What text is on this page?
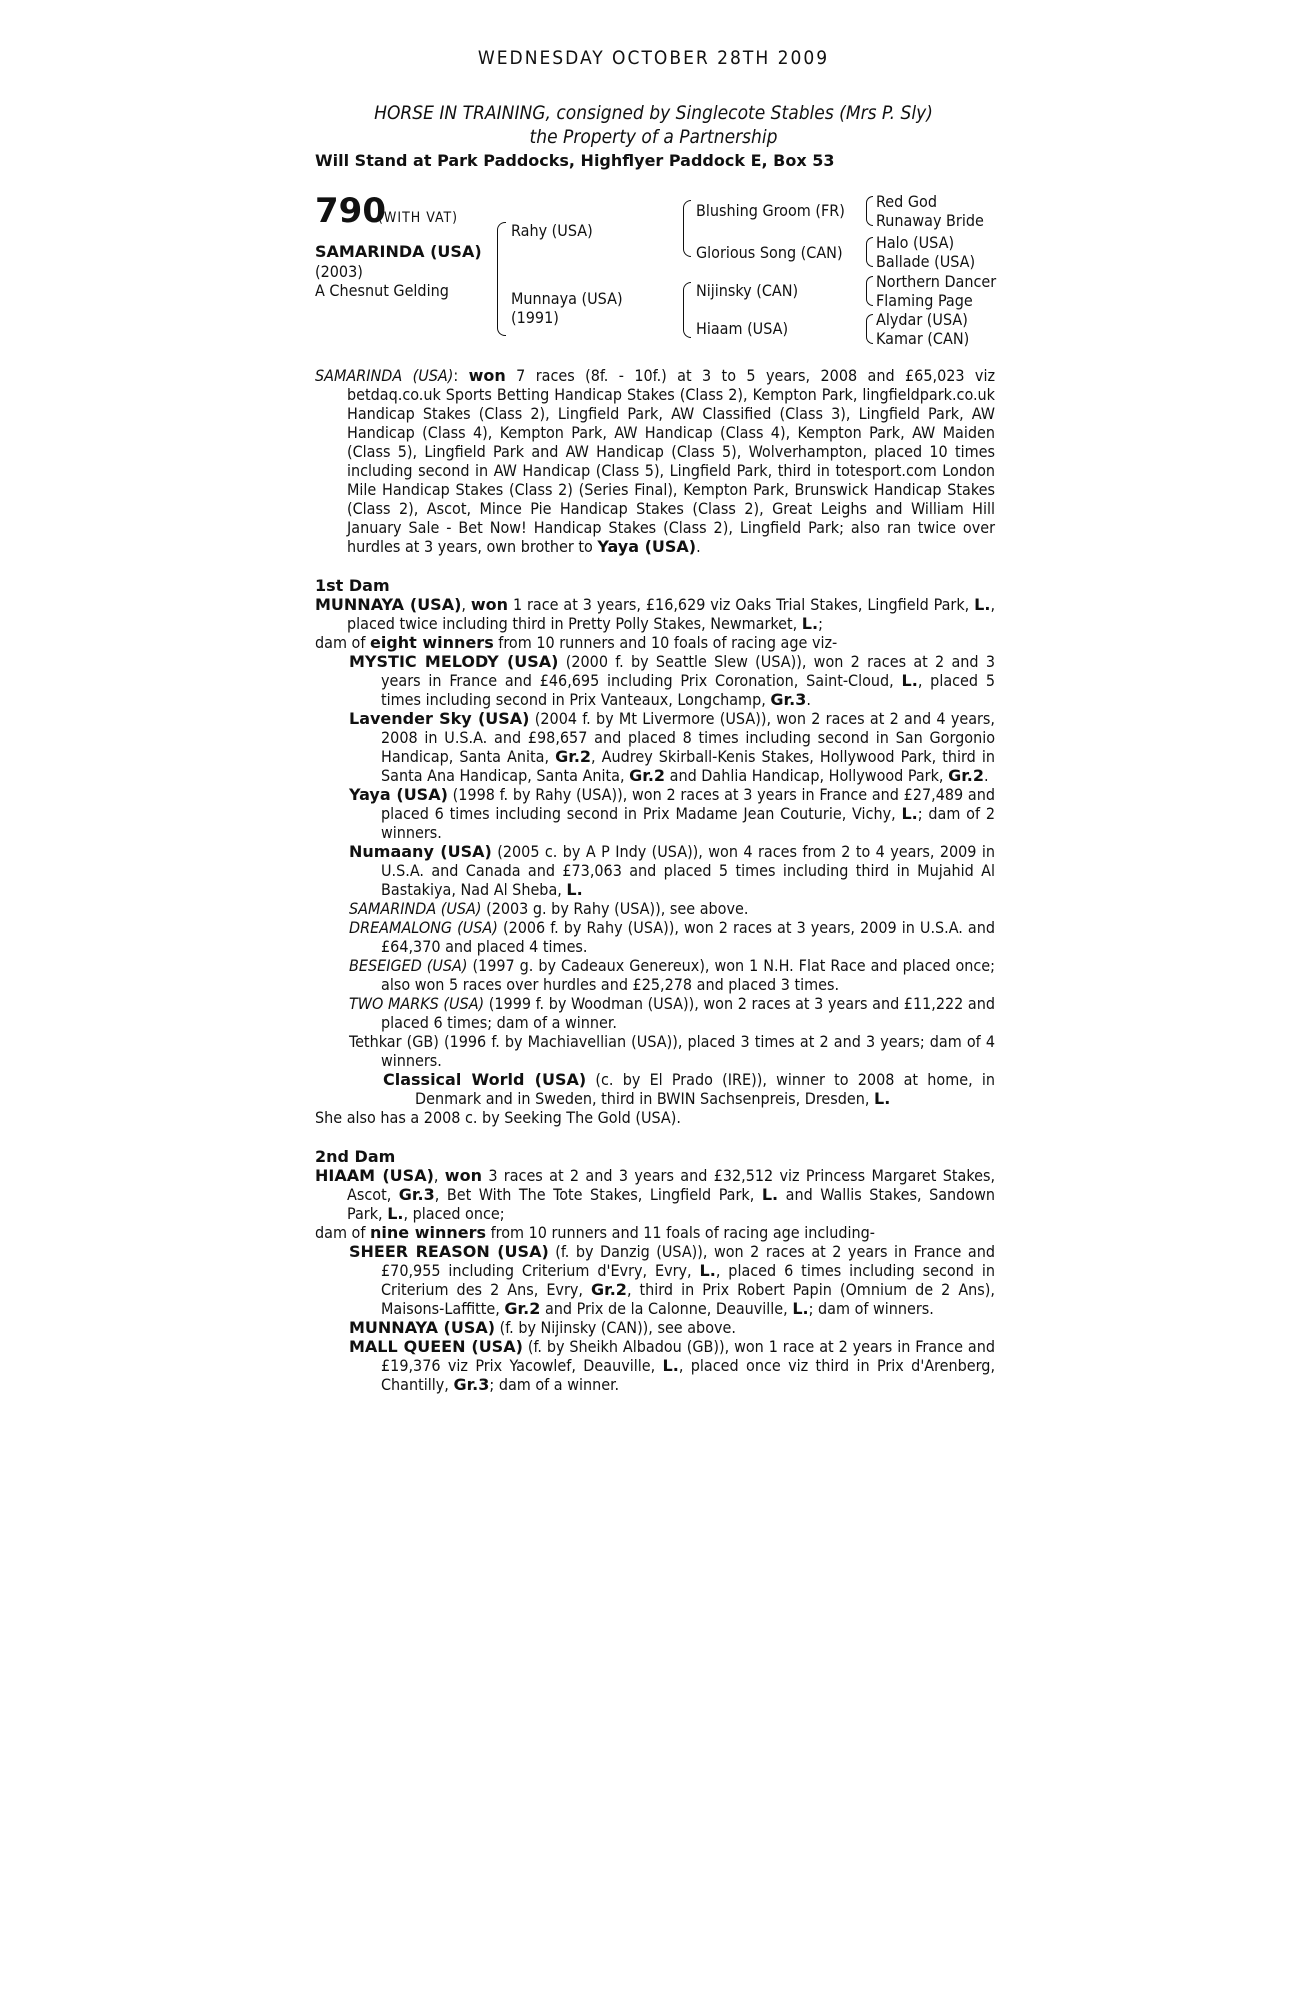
WEDNESDAY OCTOBER 28TH 2009
HORSE IN TRAINING, consigned by Singlecote Stables (Mrs P. Sly)
the Property of a Partnership
Will Stand at Park Paddocks, Highflyer Paddock E, Box 53
790
(WITH VAT)
SAMARINDA (USA)
(2003)
A Chesnut Gelding
Rahy (USA)
Munnaya (USA)
(1991)
Blushing Groom (FR)
Glorious Song (CAN)
Nijinsky (CAN)
Hiaam (USA)
Red God
Runaway Bride
Halo (USA)
Ballade (USA)
Northern Dancer
Flaming Page
Alydar (USA)
Kamar (CAN)

SAMARINDA (USA): won 7 races (8f. - 10f.) at 3 to 5 years, 2008 and £65,023 viz betdaq.co.uk Sports Betting Handicap Stakes (Class 2), Kempton Park, lingfieldpark.co.uk Handicap Stakes (Class 2), Lingfield Park, AW Classified (Class 3), Lingfield Park, AW Handicap (Class 4), Kempton Park, AW Handicap (Class 4), Kempton Park, AW Maiden (Class 5), Lingfield Park and AW Handicap (Class 5), Wolverhampton, placed 10 times including second in AW Handicap (Class 5), Lingfield Park, third in totesport.com London Mile Handicap Stakes (Class 2) (Series Final), Kempton Park, Brunswick Handicap Stakes (Class 2), Ascot, Mince Pie Handicap Stakes (Class 2), Great Leighs and William Hill January Sale - Bet Now! Handicap Stakes (Class 2), Lingfield Park; also ran twice over hurdles at 3 years, own brother to Yaya (USA).

1st Dam

MUNNAYA (USA), won 1 race at 3 years, £16,629 viz Oaks Trial Stakes, Lingfield Park, L., placed twice including third in Pretty Polly Stakes, Newmarket, L.;

dam of eight winners from 10 runners and 10 foals of racing age viz-

MYSTIC MELODY (USA) (2000 f. by Seattle Slew (USA)), won 2 races at 2 and 3 years in France and £46,695 including Prix Coronation, Saint-Cloud, L., placed 5 times including second in Prix Vanteaux, Longchamp, Gr.3.

Lavender Sky (USA) (2004 f. by Mt Livermore (USA)), won 2 races at 2 and 4 years, 2008 in U.S.A. and £98,657 and placed 8 times including second in San Gorgonio Handicap, Santa Anita, Gr.2, Audrey Skirball-Kenis Stakes, Hollywood Park, third in Santa Ana Handicap, Santa Anita, Gr.2 and Dahlia Handicap, Hollywood Park, Gr.2.

Yaya (USA) (1998 f. by Rahy (USA)), won 2 races at 3 years in France and £27,489 and placed 6 times including second in Prix Madame Jean Couturie, Vichy, L.; dam of 2 winners.

Numaany (USA) (2005 c. by A P Indy (USA)), won 4 races from 2 to 4 years, 2009 in U.S.A. and Canada and £73,063 and placed 5 times including third in Mujahid Al Bastakiya, Nad Al Sheba, L.

SAMARINDA (USA) (2003 g. by Rahy (USA)), see above.

DREAMALONG (USA) (2006 f. by Rahy (USA)), won 2 races at 3 years, 2009 in U.S.A. and £64,370 and placed 4 times.

BESEIGED (USA) (1997 g. by Cadeaux Genereux), won 1 N.H. Flat Race and placed once; also won 5 races over hurdles and £25,278 and placed 3 times.

TWO MARKS (USA) (1999 f. by Woodman (USA)), won 2 races at 3 years and £11,222 and placed 6 times; dam of a winner.

Tethkar (GB) (1996 f. by Machiavellian (USA)), placed 3 times at 2 and 3 years; dam of 4 winners.

Classical World (USA) (c. by El Prado (IRE)), winner to 2008 at home, in Denmark and in Sweden, third in BWIN Sachsenpreis, Dresden, L.

She also has a 2008 c. by Seeking The Gold (USA).

2nd Dam

HIAAM (USA), won 3 races at 2 and 3 years and £32,512 viz Princess Margaret Stakes, Ascot, Gr.3, Bet With The Tote Stakes, Lingfield Park, L. and Wallis Stakes, Sandown Park, L., placed once;

dam of nine winners from 10 runners and 11 foals of racing age including-

SHEER REASON (USA) (f. by Danzig (USA)), won 2 races at 2 years in France and £70,955 including Criterium d'Evry, Evry, L., placed 6 times including second in Criterium des 2 Ans, Evry, Gr.2, third in Prix Robert Papin (Omnium de 2 Ans), Maisons-Laffitte, Gr.2 and Prix de la Calonne, Deauville, L.; dam of winners.

MUNNAYA (USA) (f. by Nijinsky (CAN)), see above.

MALL QUEEN (USA) (f. by Sheikh Albadou (GB)), won 1 race at 2 years in France and £19,376 viz Prix Yacowlef, Deauville, L., placed once viz third in Prix d'Arenberg, Chantilly, Gr.3; dam of a winner.
